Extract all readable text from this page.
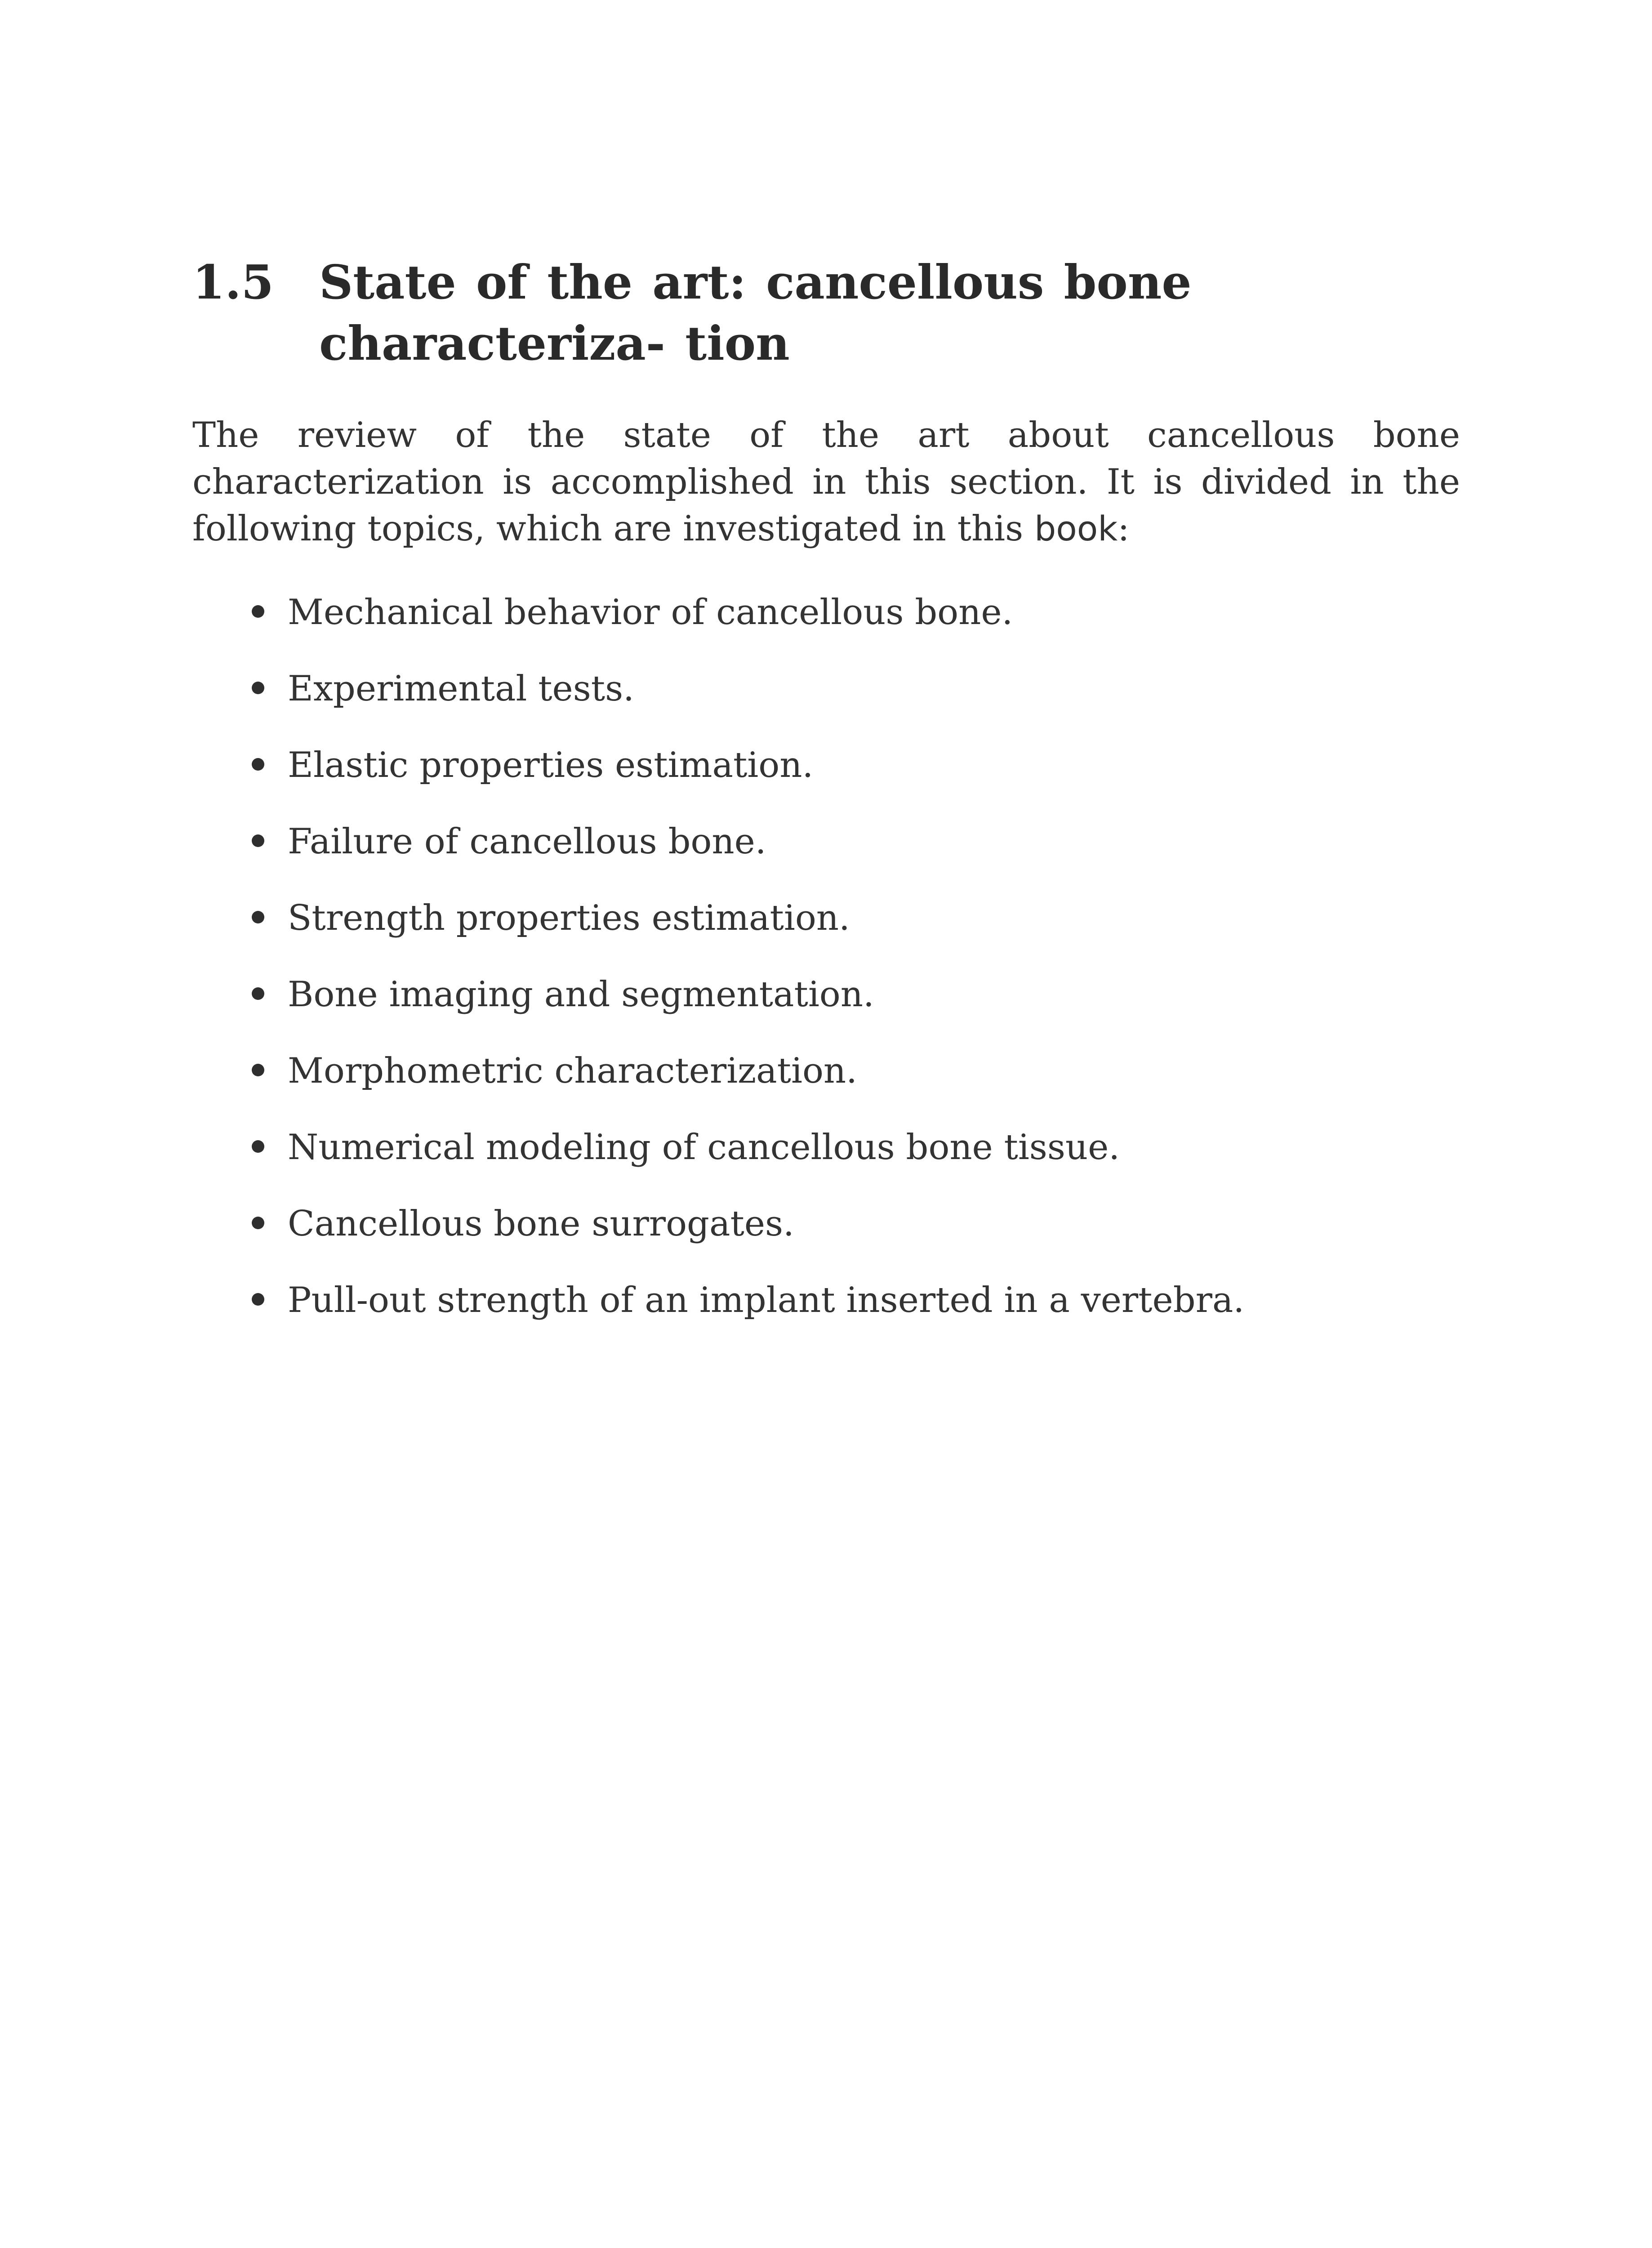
1.5 State of the art: cancellous bone characteriza- tion

The review of the state of the art about cancellous bone characterization is accomplished in this section. It is divided in the following topics, which are investigated in this book:

Mechanical behavior of cancellous bone.
Experimental tests.
Elastic properties estimation.
Failure of cancellous bone.
Strength properties estimation.
Bone imaging and segmentation.
Morphometric characterization.
Numerical modeling of cancellous bone tissue.
Cancellous bone surrogates.
Pull-out strength of an implant inserted in a vertebra.
